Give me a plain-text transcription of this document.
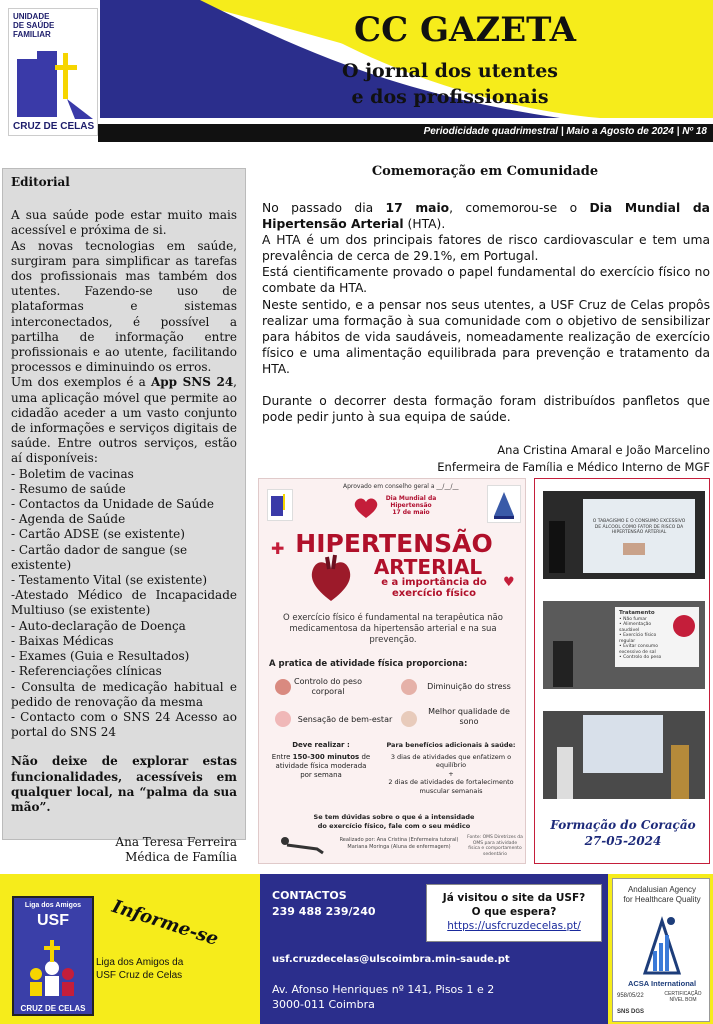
UNIDADE
DE SAÚDE
FAMILIAR
CRUZ DE CELAS
CC GAZETA
O jornal dos utentes
e dos profissionais
Periodicidade quadrimestral | Maio a Agosto de 2024 | Nº 18
Editorial
A sua saúde pode estar muito mais acessível e próxima de si.
As novas tecnologias em saúde, surgiram para simplificar as tarefas dos profissionais mas também dos utentes. Fazendo-se uso de plataformas e sistemas interconectados, é possível a partilha de informação entre profissionais e ao utente, facilitando processos e diminuindo os erros.
Um dos exemplos é a App SNS 24, uma aplicação móvel que permite ao cidadão aceder a um vasto conjunto de informações e serviços digitais de saúde. Entre outros serviços, estão aí disponíveis:
- Boletim de vacinas
- Resumo de saúde
- Contactos da Unidade de Saúde
- Agenda de Saúde
- Cartão ADSE (se existente)
- Cartão dador de sangue (se existente)
- Testamento Vital (se existente)
-Atestado Médico de Incapacidade Multiuso (se existente)
- Auto-declaração de Doença
- Baixas Médicas
- Exames (Guia e Resultados)
- Referenciações clínicas
- Consulta de medicação habitual e pedido de renovação da mesma
- Contacto com o SNS 24 Acesso ao portal do SNS 24
Não deixe de explorar estas funcionalidades, acessíveis em qualquer local, na “palma da sua mão”.
Ana Teresa Ferreira
Médica de Família
Comemoração em Comunidade

No passado dia 17 maio, comemorou-se o Dia Mundial da Hipertensão Arterial (HTA).

A HTA é um dos principais fatores de risco cardiovascular e tem uma prevalência de cerca de 29.1%, em Portugal.

Está cientificamente provado o papel fundamental do exercício físico no combate da HTA.

Neste sentido, e a pensar nos seus utentes, a USF Cruz de Celas propôs realizar uma formação à sua comunidade com o objetivo de sensibilizar para hábitos de vida saudáveis, nomeadamente realização de exercício físico e uma alimentação equilibrada para prevenção e tratamento da HTA.

Durante o decorrer desta formação foram distribuídos panfletos que pode pedir junto à sua equipa de saúde.

Ana Cristina Amaral e João Marcelino
Enfermeira de Família e Médico Interno de MGF
Aprovado em conselho geral a __/__/__
Dia Mundial da
Hipertensão
17 de maio
✚ HIPERTENSÃO
ARTERIAL
e a importância do
exercício físico
♥
O exercício físico é fundamental na terapêutica não medicamentosa da hipertensão arterial e na sua prevenção.
A pratica de atividade física proporciona:
Controlo do peso corporal
Diminuição do stress
Sensação de bem-estar
Melhor qualidade de sono
Deve realizar :
Entre 150-300 minutos de atividade física moderada por semana
Para benefícios adicionais à saúde:
3 dias de atividades que enfatizem o equilíbrio
+
2 dias de atividades de fortalecimento muscular semanais
Se tem dúvidas sobre o que é a intensidade do exercício físico, fale com o seu médico
Realizado por: Ana Cristina (Enfermeira tutoral) Mariana Moringa (Aluna de enfermagem)
Fonte: OMS Diretrizes da OMS para atividade física e comportamento sedentário
O TABAGISMO E O CONSUMO EXCESSIVO DE ÁLCOOL COMO FATOR DE RISCO DA HIPERTENSÃO ARTERIAL
Tratamento
• Não fumar
• Alimentação saudável
• Exercício físico regular
• Evitar consumo excessivo de sal
• Controlo do peso
Formação do Coração
27-05-2024
Liga dos Amigos
USF
CRUZ DE CELAS
Informe-se
Liga dos Amigos da
USF Cruz de Celas
CONTACTOS
239 488 239/240
Já visitou o site da USF?
O que espera?
https://usfcruzdecelas.pt/
usf.cruzdecelas@ulscoimbra.min-saude.pt
Av. Afonso Henriques nº 141, Pisos 1 e 2
3000-011 Coimbra
Andalusian Agency
for Healthcare Quality
ACSA International
958/05/22	CERTIFICAÇÃO NÍVEL BOM
SNS DGS
